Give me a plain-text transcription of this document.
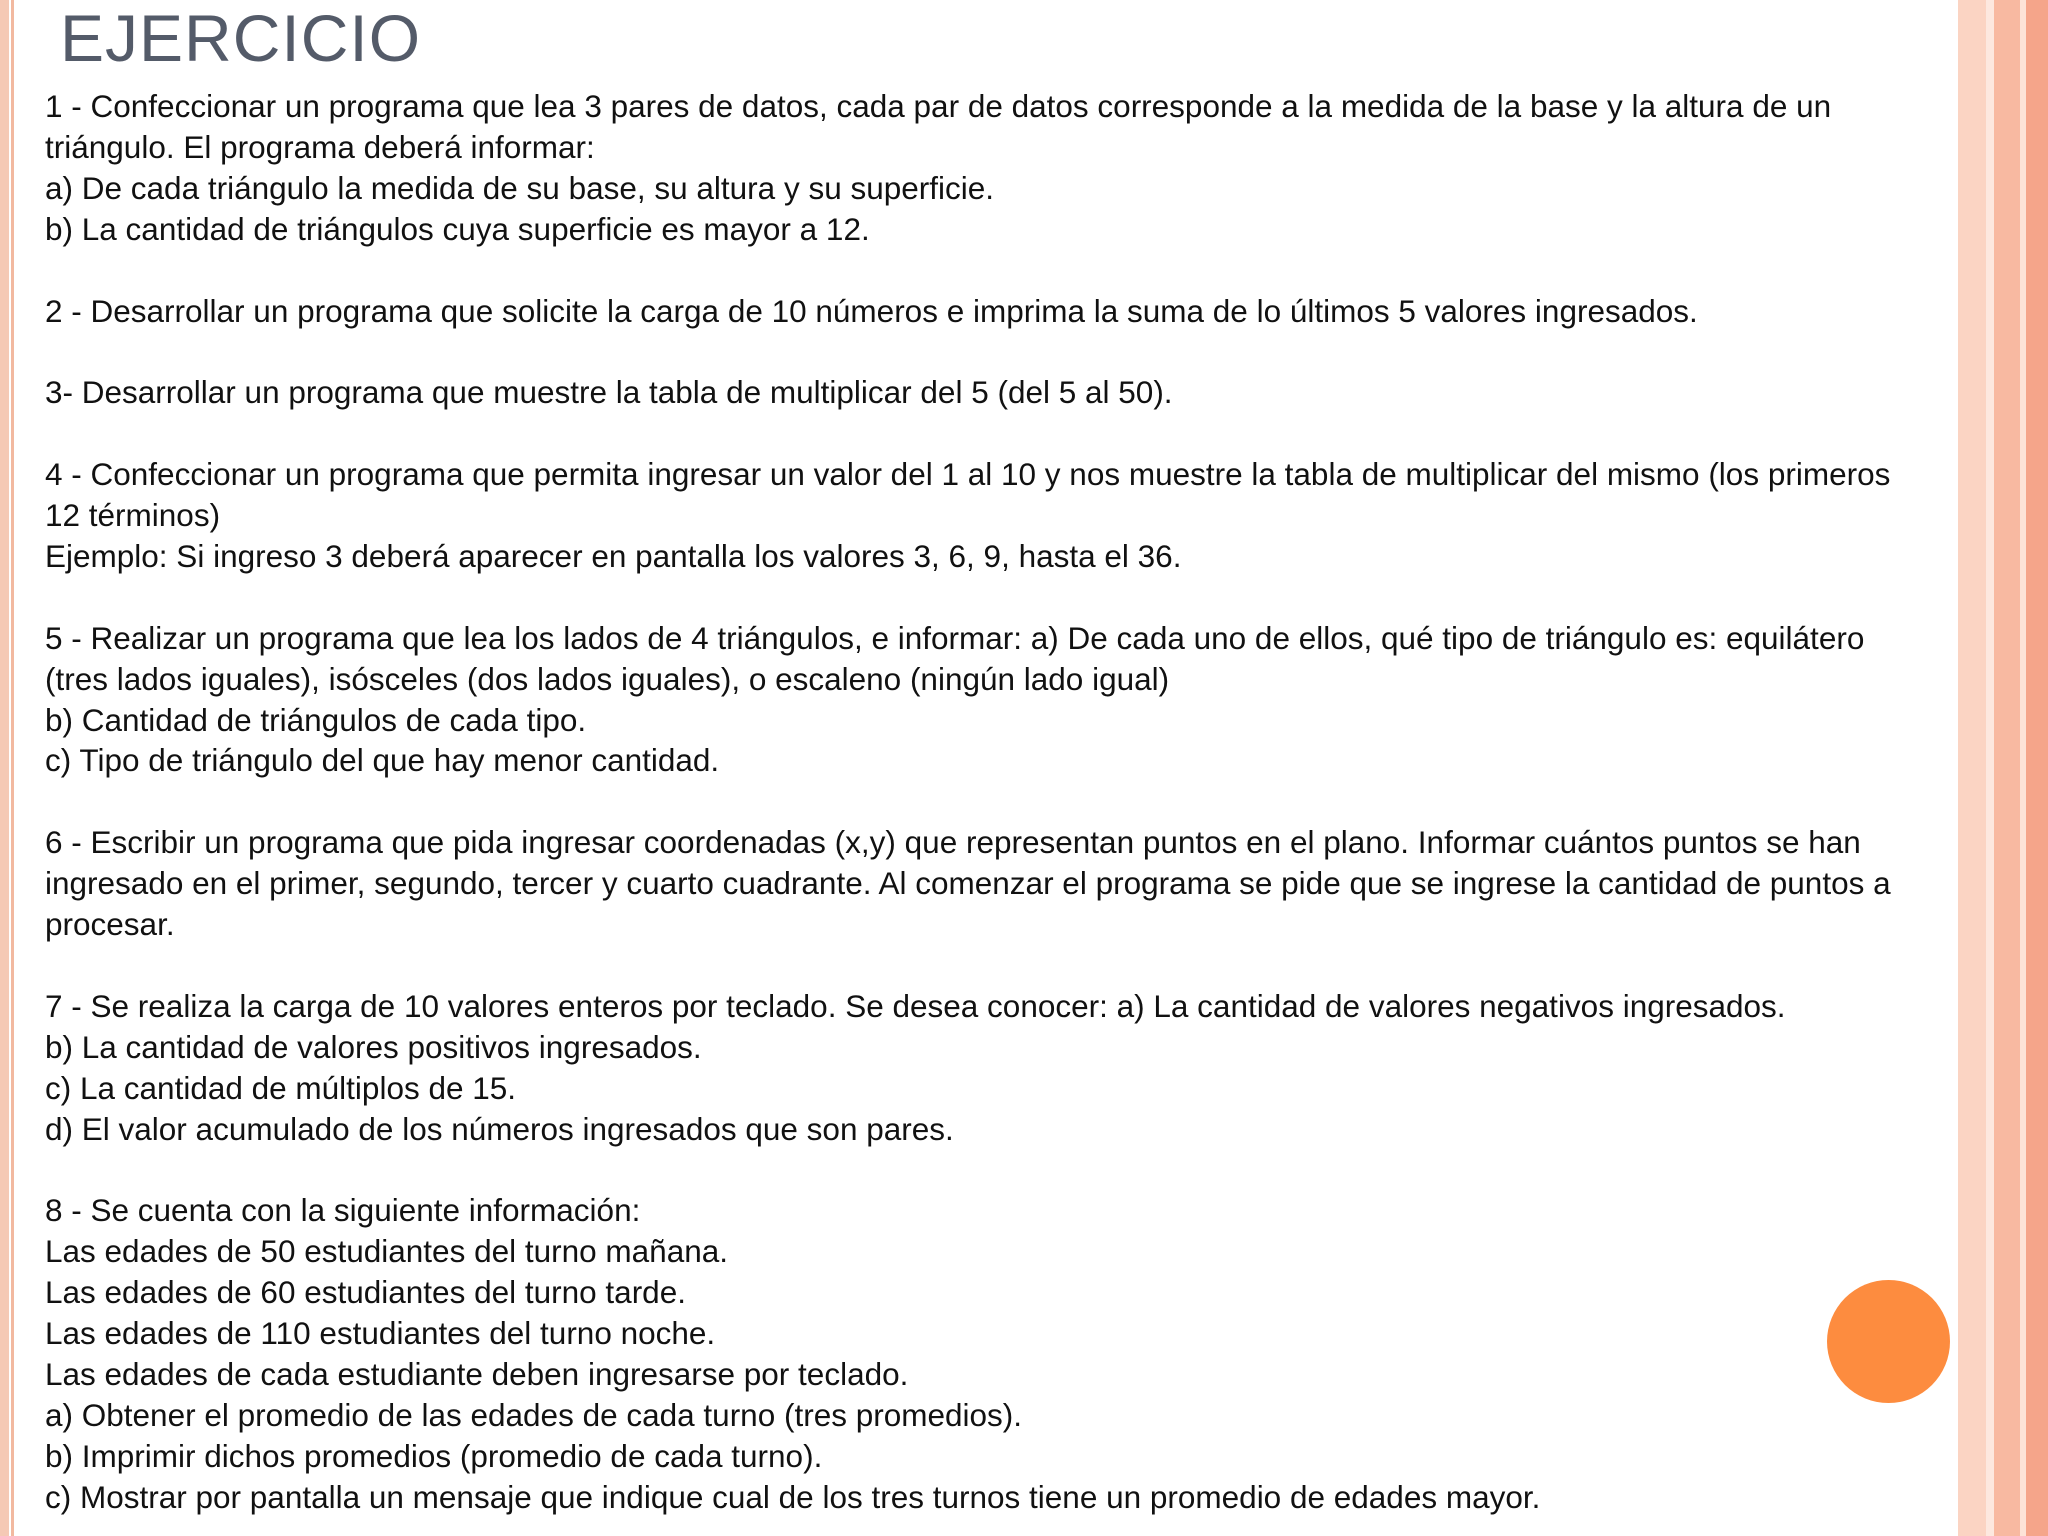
EJERCICIO
1 - Confeccionar un programa que lea 3 pares de datos, cada par de datos corresponde a la medida de la base y la altura de un
triángulo. El programa deberá informar:
a) De cada triángulo la medida de su base, su altura y su superficie.
b) La cantidad de triángulos cuya superficie es mayor a 12.
2 - Desarrollar un programa que solicite la carga de 10 números e imprima la suma de lo últimos 5 valores ingresados.
3- Desarrollar un programa que muestre la tabla de multiplicar del 5 (del 5 al 50).
4 - Confeccionar un programa que permita ingresar un valor del 1 al 10 y nos muestre la tabla de multiplicar del mismo (los primeros
12 términos)
Ejemplo: Si ingreso 3 deberá aparecer en pantalla los valores 3, 6, 9, hasta el 36.
5 - Realizar un programa que lea los lados de 4 triángulos, e informar: a) De cada uno de ellos, qué tipo de triángulo es: equilátero
(tres lados iguales), isósceles (dos lados iguales), o escaleno (ningún lado igual)
b) Cantidad de triángulos de cada tipo.
c) Tipo de triángulo del que hay menor cantidad.
6 - Escribir un programa que pida ingresar coordenadas (x,y) que representan puntos en el plano. Informar cuántos puntos se han
ingresado en el primer, segundo, tercer y cuarto cuadrante. Al comenzar el programa se pide que se ingrese la cantidad de puntos a
procesar.
7 - Se realiza la carga de 10 valores enteros por teclado. Se desea conocer: a) La cantidad de valores negativos ingresados.
b) La cantidad de valores positivos ingresados.
c) La cantidad de múltiplos de 15.
d) El valor acumulado de los números ingresados que son pares.
8 - Se cuenta con la siguiente información:
Las edades de 50 estudiantes del turno mañana.
Las edades de 60 estudiantes del turno tarde.
Las edades de 110 estudiantes del turno noche.
Las edades de cada estudiante deben ingresarse por teclado.
a) Obtener el promedio de las edades de cada turno (tres promedios).
b) Imprimir dichos promedios (promedio de cada turno).
c) Mostrar por pantalla un mensaje que indique cual de los tres turnos tiene un promedio de edades mayor.
